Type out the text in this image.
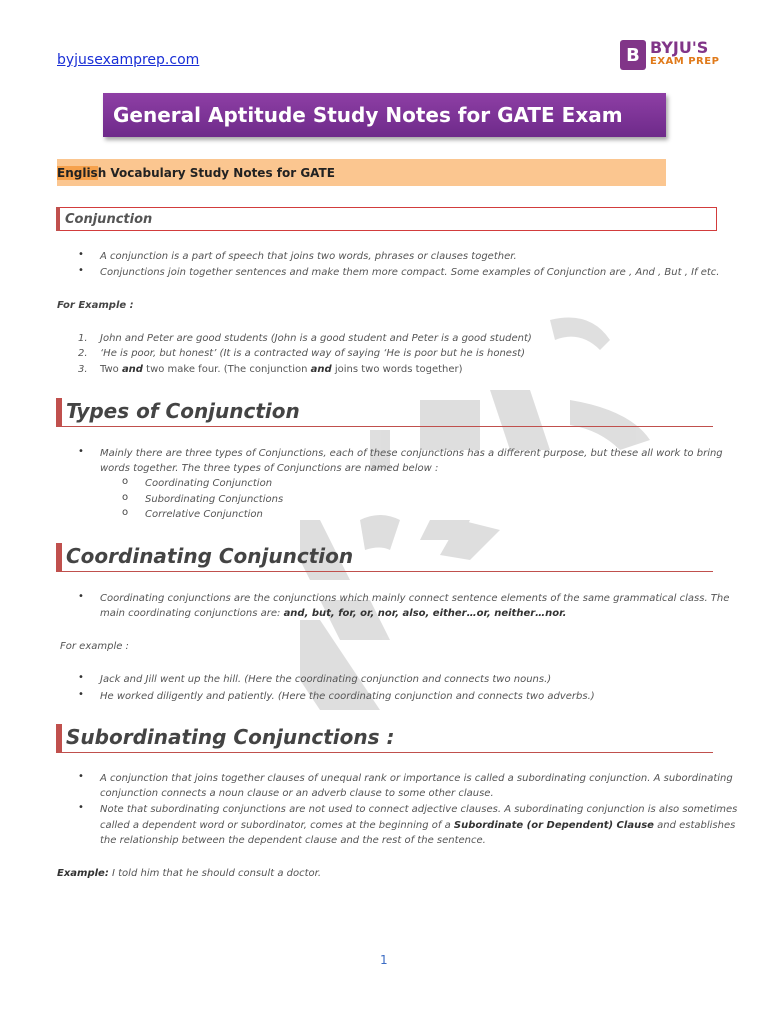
byjusexamprep.com	B BYJU'S
EXAM PREP
General Aptitude Study Notes for GATE Exam
Englis h Vocabulary Study Notes for GATE
Conjunction
• A conjunction is a part of speech that joins two words, phrases or clauses together.
• Conjunctions join together sentences and make them more compact. Some examples of Conjunction are , And , But , If etc.
For Example :
1. John and Peter are good students (John is a good student and Peter is a good student)
2. ‘He is poor, but honest’ (It is a contracted way of saying ‘He is poor but he is honest)
3. Two and two make four. (The conjunction and joins two words together)
Types of Conjunction
• Mainly there are three types of Conjunctions, each of these conjunctions has a different purpose, but these all work to bring
words together. The three types of Conjunctions are named below :
o Coordinating Conjunction
o Subordinating Conjunctions
o Correlative Conjunction
Coordinating Conjunction
• Coordinating conjunctions are the conjunctions which mainly connect sentence elements of the same grammatical class. The
main coordinating conjunctions are: and, but, for, or, nor, also, either…or, neither…nor.
For example :
• Jack and Jill went up the hill. (Here the coordinating conjunction and connects two nouns.)
• He worked diligently and patiently. (Here the coordinating conjunction and connects two adverbs.)
Subordinating Conjunctions :
• A conjunction that joins together clauses of unequal rank or importance is called a subordinating conjunction. A subordinating
conjunction connects a noun clause or an adverb clause to some other clause.
• Note that subordinating conjunctions are not used to connect adjective clauses. A subordinating conjunction is also sometimes
called a dependent word or subordinator, comes at the beginning of a Subordinate (or Dependent) Clause and establishes
the relationship between the dependent clause and the rest of the sentence.
Example: I told him that he should consult a doctor.
1
